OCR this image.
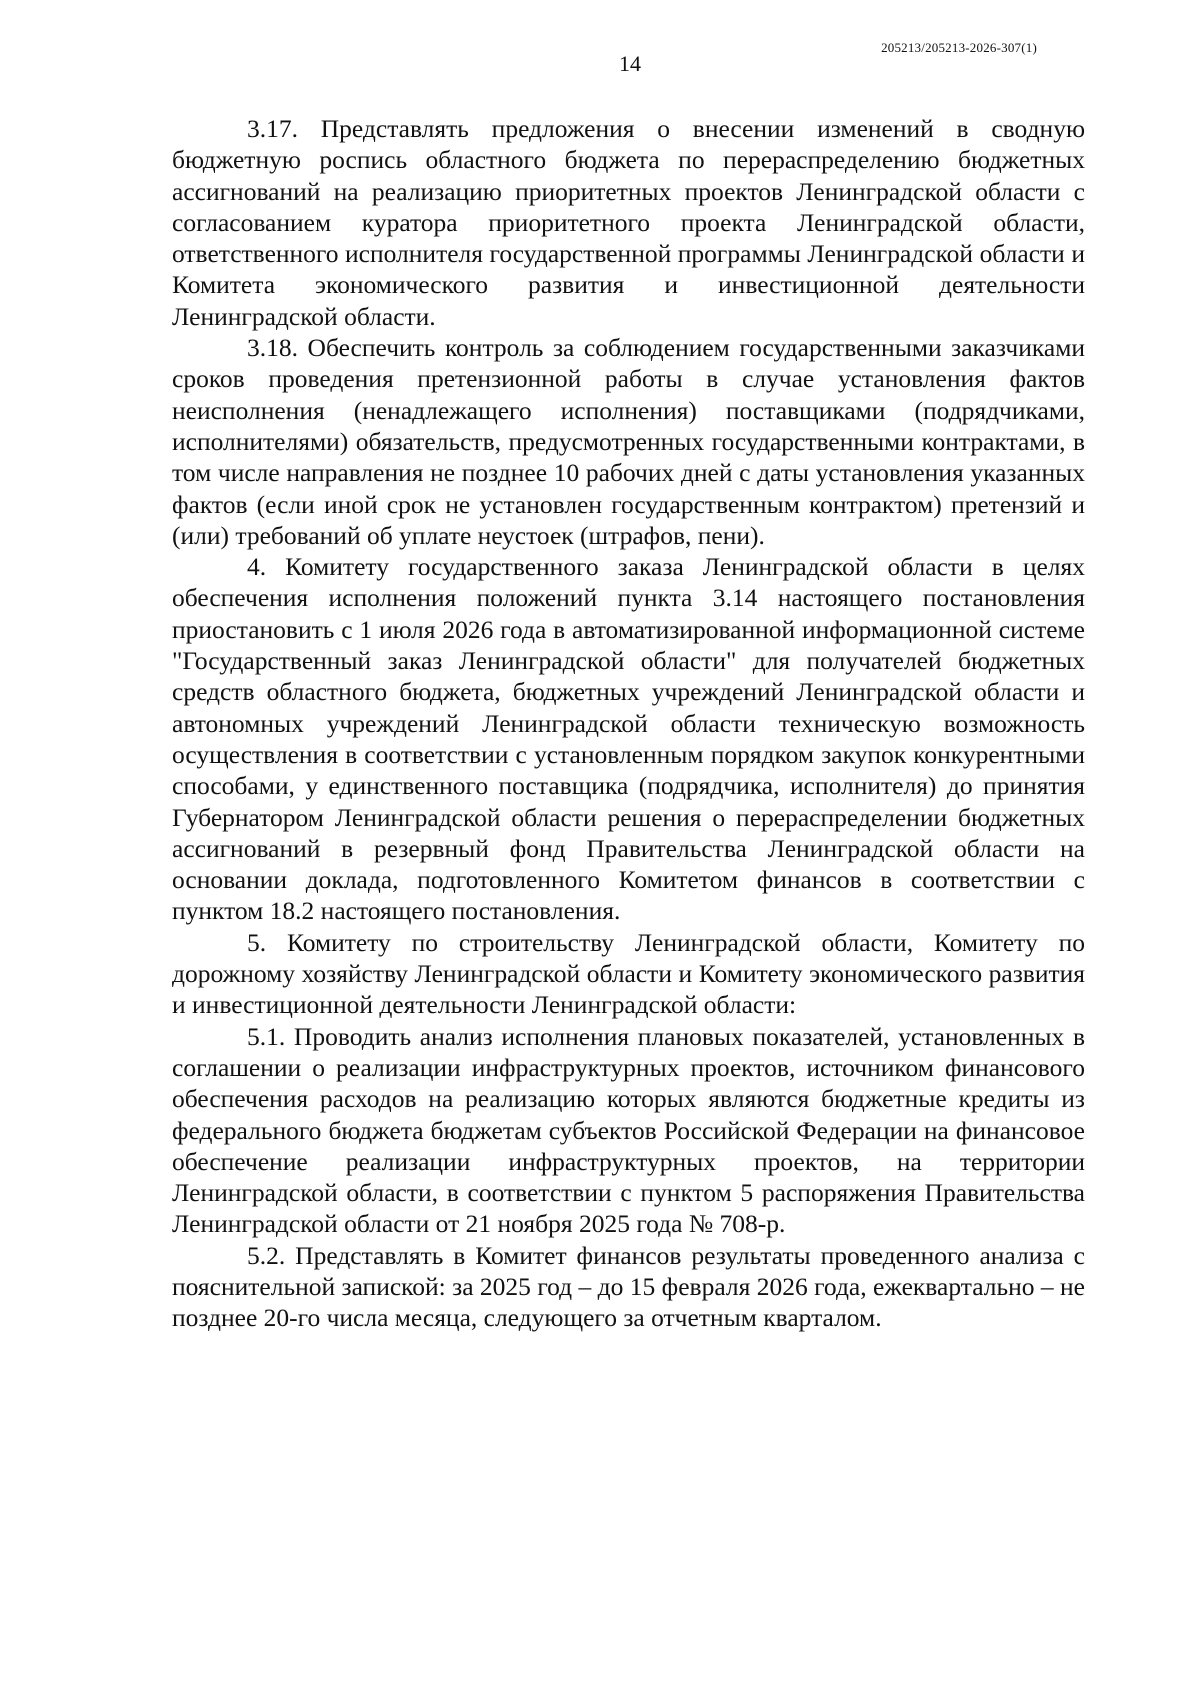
205213/205213-2026-307(1)
14

3.17. Представлять предложения о внесении изменений в сводную бюджетную роспись областного бюджета по перераспределению бюджетных ассигнований на реализацию приоритетных проектов Ленинградской области с согласованием куратора приоритетного проекта Ленинградской области, ответственного исполнителя государственной программы Ленинградской области и Комитета экономического развития и инвестиционной деятельности Ленинградской области.

3.18. Обеспечить контроль за соблюдением государственными заказчиками сроков проведения претензионной работы в случае установления фактов неисполнения (ненадлежащего исполнения) поставщиками (подрядчиками, исполнителями) обязательств, предусмотренных государственными контрактами, в том числе направления не позднее 10 рабочих дней с даты установления указанных фактов (если иной срок не установлен государственным контрактом) претензий и (или) требований об уплате неустоек (штрафов, пени).

4. Комитету государственного заказа Ленинградской области в целях обеспечения исполнения положений пункта 3.14 настоящего постановления приостановить с 1 июля 2026 года в автоматизированной информационной системе "Государственный заказ Ленинградской области" для получателей бюджетных средств областного бюджета, бюджетных учреждений Ленинградской области и автономных учреждений Ленинградской области техническую возможность осуществления в соответствии с установленным порядком закупок конкурентными способами, у единственного поставщика (подрядчика, исполнителя) до принятия Губернатором Ленинградской области решения о перераспределении бюджетных ассигнований в резервный фонд Правительства Ленинградской области на основании доклада, подготовленного Комитетом финансов в соответствии с пунктом 18.2 настоящего постановления.

5. Комитету по строительству Ленинградской области, Комитету по дорожному хозяйству Ленинградской области и Комитету экономического развития и инвестиционной деятельности Ленинградской области:

5.1. Проводить анализ исполнения плановых показателей, установленных в соглашении о реализации инфраструктурных проектов, источником финансового обеспечения расходов на реализацию которых являются бюджетные кредиты из федерального бюджета бюджетам субъектов Российской Федерации на финансовое обеспечение реализации инфраструктурных проектов, на территории Ленинградской области, в соответствии с пунктом 5 распоряжения Правительства Ленинградской области от 21 ноября 2025 года № 708-р.

5.2. Представлять в Комитет финансов результаты проведенного анализа с пояснительной запиской: за 2025 год – до 15 февраля 2026 года, ежеквартально – не позднее 20-го числа месяца, следующего за отчетным кварталом.
